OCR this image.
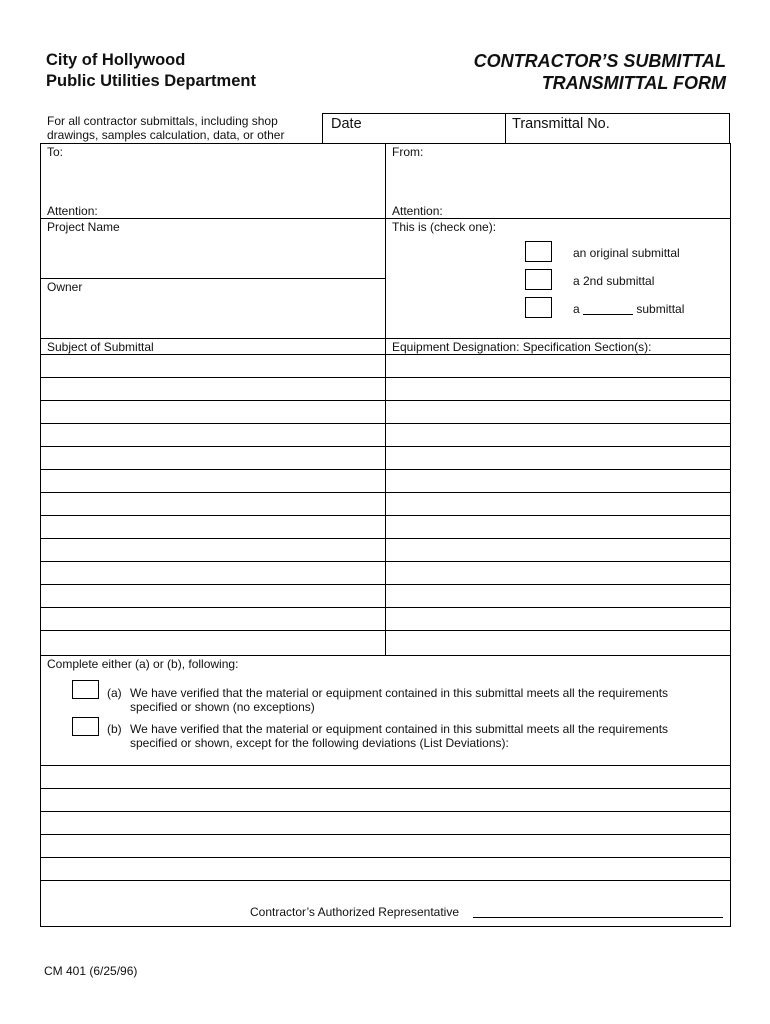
City of Hollywood
Public Utilities Department
CONTRACTOR’S SUBMITTAL
TRANSMITTAL FORM
For all contractor submittals, including shop drawings, samples calculation, data, or other
Date	Transmittal No.
To:	From:
Attention:	Attention:
Project Name
Owner
This is (check one):
an original submittal
a 2nd submittal
a	submittal
Subject of Submittal	Equipment Designation: Specification Section(s):
Complete either (a) or (b), following:
(a) We have verified that the material or equipment contained in this submittal meets all the requirements
specified or shown (no exceptions)
(b) We have verified that the material or equipment contained in this submittal meets all the requirements
specified or shown, except for the following deviations (List Deviations):
Contractor’s Authorized Representative
CM 401 (6/25/96)
